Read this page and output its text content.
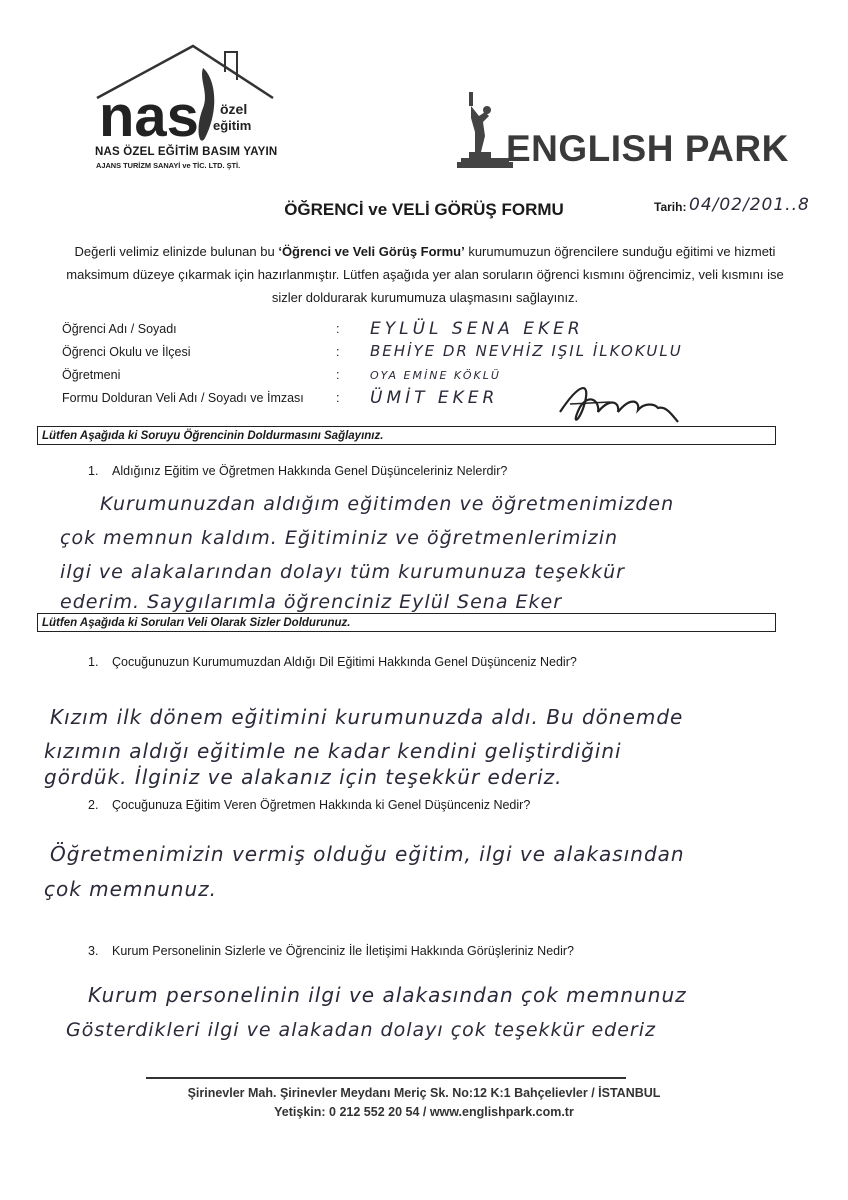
nas özel
eğitim
NAS ÖZEL EĞİTİM BASIM YAYIN
AJANS TURİZM SANAYİ ve TİC. LTD. ŞTİ.	ENGLISH PARK
ÖĞRENCİ ve VELİ GÖRÜŞ FORMU	Tarih: 04/02/201..8
Değerli velimiz elinizde bulunan bu ‘Öğrenci ve Veli Görüş Formu’ kurumumuzun öğrencilere sunduğu eğitimi ve hizmeti maksimum düzeye çıkarmak için hazırlanmıştır. Lütfen aşağıda yer alan soruların öğrenci kısmını öğrencimiz, veli kısmını ise sizler doldurarak kurumumuza ulaşmasını sağlayınız.
Öğrenci Adı / Soyadı	: EYLÜL SENA EKER
Öğrenci Okulu ve İlçesi	: BEHİYE DR NEVHİZ IŞIL İLKOKULU
Öğretmeni	:	OYA EMİNE KÖKLÜ
Formu Dolduran Veli Adı / Soyadı ve İmzası	: ÜMİT EKER
Lütfen Aşağıda ki Soruyu Öğrencinin Doldurmasını Sağlayınız.
1. Aldığınız Eğitim ve Öğretmen Hakkında Genel Düşünceleriniz Nelerdir?
Kurumunuzdan aldığım eğitimden ve öğretmenimizden
çok memnun kaldım. Eğitiminiz ve öğretmenlerimizin
ilgi ve alakalarından dolayı tüm kurumunuza teşekkür
ederim. Saygılarımla öğrenciniz Eylül Sena Eker
Lütfen Aşağıda ki Soruları Veli Olarak Sizler Doldurunuz.
1. Çocuğunuzun Kurumumuzdan Aldığı Dil Eğitimi Hakkında Genel Düşünceniz Nedir?
Kızım ilk dönem eğitimini kurumunuzda aldı. Bu dönemde
kızımın aldığı eğitimle ne kadar kendini geliştirdiğini
gördük. İlginiz ve alakanız için teşekkür ederiz.
2. Çocuğunuza Eğitim Veren Öğretmen Hakkında ki Genel Düşünceniz Nedir?
Öğretmenimizin vermiş olduğu eğitim, ilgi ve alakasından
çok memnunuz.
3. Kurum Personelinin Sizlerle ve Öğrenciniz İle İletişimi Hakkında Görüşleriniz Nedir?
Kurum personelinin ilgi ve alakasından çok memnunuz
Gösterdikleri ilgi ve alakadan dolayı çok teşekkür ederiz
Şirinevler Mah. Şirinevler Meydanı Meriç Sk. No:12 K:1 Bahçelievler / İSTANBUL
Yetişkin: 0 212 552 20 54 / www.englishpark.com.tr
